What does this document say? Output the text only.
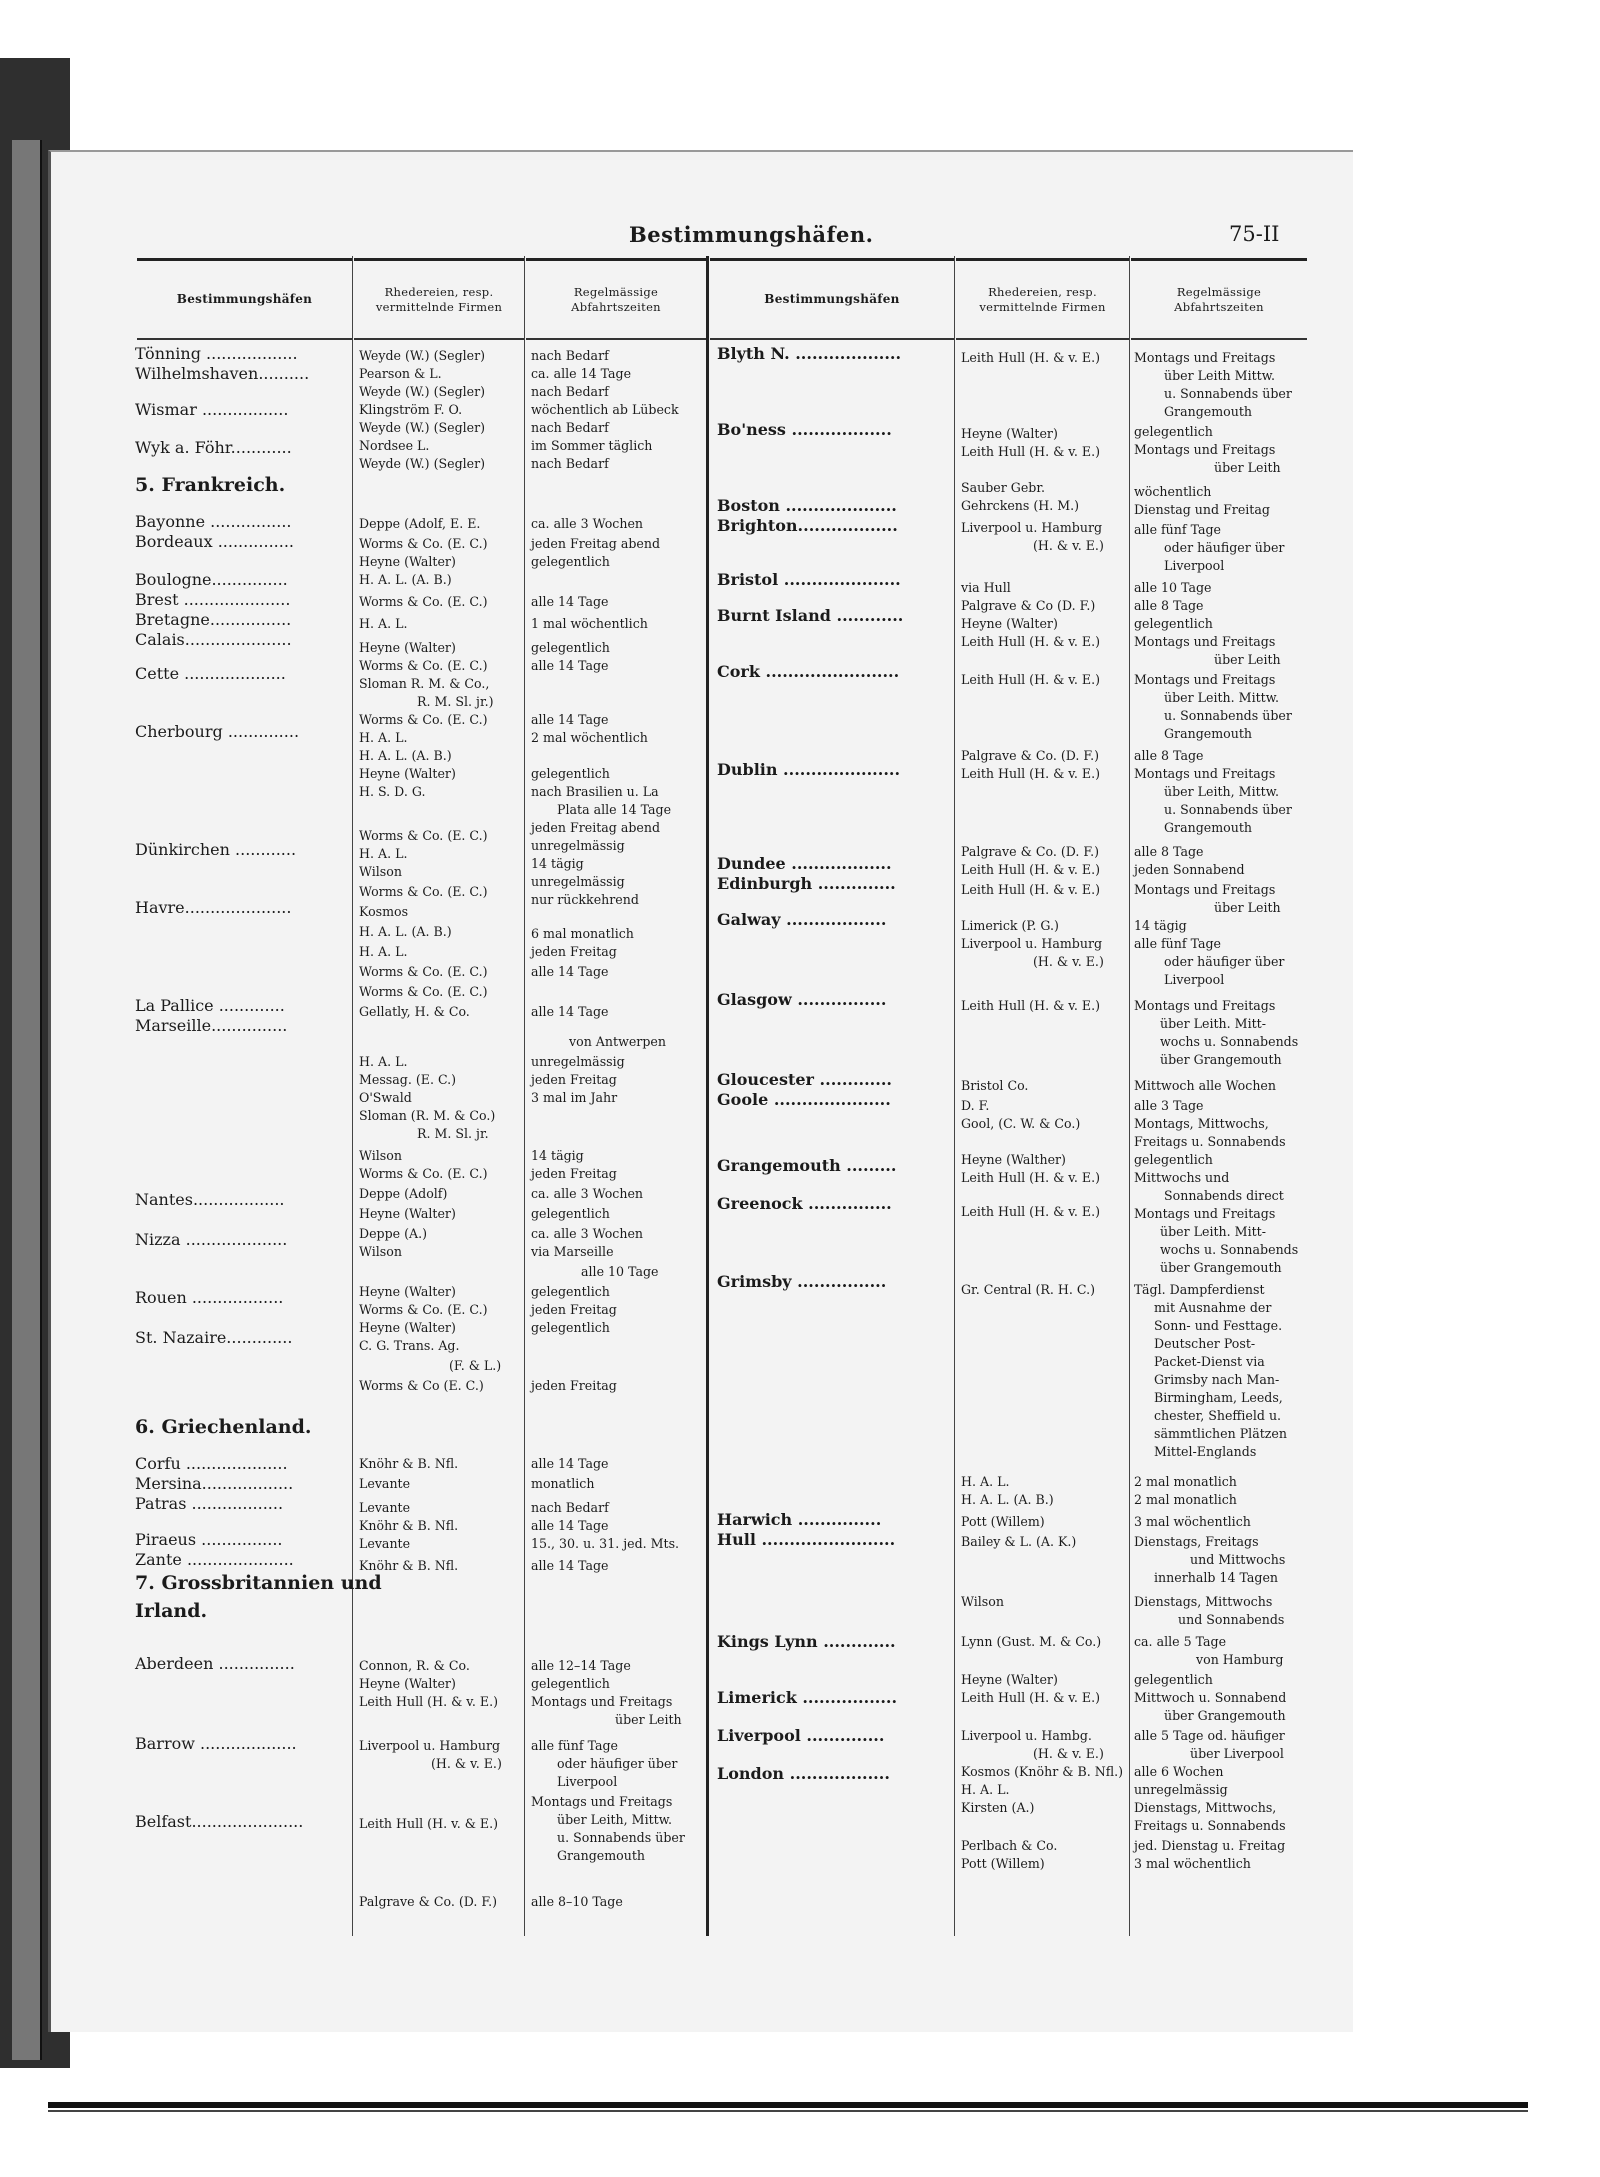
Bestimmungshäfen.	75-II
Bestimmungshäfen
Rhedereien, resp. vermittelnde Firmen
Regelmässige Abfahrtszeiten
Bestimmungshäfen
Rhedereien, resp. vermittelnde Firmen
Regelmässige Abfahrtszeiten
Tönning ..................
Wilhelmshaven..........
Wismar .................
Wyk a. Föhr............
Bayonne ................
Bordeaux ...............
Boulogne...............
Brest .....................
Bretagne................
Calais.....................
Cette ....................
Cherbourg ..............
Dünkirchen ............
Havre.....................
La Pallice .............
Marseille...............
Nantes..................
Nizza ....................
Rouen ..................
St. Nazaire.............
Corfu ....................
Mersina..................
Patras ..................
Piraeus ................
Zante .....................
Aberdeen ...............
Barrow ...................
Belfast......................
5. Frankreich.
6. Griechenland.
7. Grossbritannien und
Irland.
Weyde (W.) (Segler)
Pearson & L.
Weyde (W.) (Segler)
Klingström F. O.
Weyde (W.) (Segler)
Nordsee L.
Weyde (W.) (Segler)
Deppe (Adolf, E. E.
Worms & Co. (E. C.)
Heyne (Walter)
H. A. L. (A. B.)
Worms & Co. (E. C.)
H. A. L.
Heyne (Walter)
Worms & Co. (E. C.)
Sloman R. M. & Co.,
R. M. Sl. jr.)
Worms & Co. (E. C.)
H. A. L.
H. A. L. (A. B.)
Heyne (Walter)
H. S. D. G.
Worms & Co. (E. C.)
H. A. L.
Wilson
Worms & Co. (E. C.)
Kosmos
H. A. L. (A. B.)
H. A. L.
Worms & Co. (E. C.)
Worms & Co. (E. C.)
Gellatly, H. & Co.
H. A. L.
Messag. (E. C.)
O'Swald
Sloman (R. M. & Co.)
R. M. Sl. jr.
Wilson
Worms & Co. (E. C.)
Deppe (Adolf)
Heyne (Walter)
Deppe (A.)
Wilson
Heyne (Walter)
Worms & Co. (E. C.)
Heyne (Walter)
C. G. Trans. Ag.
(F. & L.)
Worms & Co (E. C.)
Knöhr & B. Nfl.
Levante
Levante
Knöhr & B. Nfl.
Levante
Knöhr & B. Nfl.
Connon, R. & Co.
Heyne (Walter)
Leith Hull (H. & v. E.)
Liverpool u. Hamburg
(H. & v. E.)
Leith Hull (H. v. & E.)
Palgrave & Co. (D. F.)
nach Bedarf
ca. alle 14 Tage
nach Bedarf
wöchentlich ab Lübeck
nach Bedarf
im Sommer täglich
nach Bedarf
ca. alle 3 Wochen
jeden Freitag abend
gelegentlich
alle 14 Tage
1 mal wöchentlich
gelegentlich
alle 14 Tage
alle 14 Tage
2 mal wöchentlich
gelegentlich
nach Brasilien u. La
Plata alle 14 Tage
jeden Freitag abend
unregelmässig
14 tägig
unregelmässig
nur rückkehrend
6 mal monatlich
jeden Freitag
alle 14 Tage
alle 14 Tage
von Antwerpen
unregelmässig
jeden Freitag
3 mal im Jahr
14 tägig
jeden Freitag
ca. alle 3 Wochen
gelegentlich
ca. alle 3 Wochen
via Marseille
alle 10 Tage
gelegentlich
jeden Freitag
gelegentlich
jeden Freitag
alle 14 Tage
monatlich
nach Bedarf
alle 14 Tage
15., 30. u. 31. jed. Mts.
alle 14 Tage
alle 12–14 Tage
gelegentlich
Montags und Freitags
über Leith
alle fünf Tage
oder häufiger über
Liverpool
Montags und Freitags
über Leith, Mittw.
u. Sonnabends über
Grangemouth
alle 8–10 Tage
Blyth N. ...................
Bo'ness ..................
Boston ....................
Brighton..................
Bristol .....................
Burnt Island ............
Cork ........................
Dublin .....................
Dundee ..................
Edinburgh ..............
Galway ..................
Glasgow ................
Gloucester .............
Goole .....................
Grangemouth .........
Greenock ...............
Grimsby ................
Harwich ...............
Hull ........................
Kings Lynn .............
Limerick .................
Liverpool ..............
London ..................
Leith Hull (H. & v. E.)
Heyne (Walter)
Leith Hull (H. & v. E.)
Sauber Gebr.
Gehrckens (H. M.)
Liverpool u. Hamburg
(H. & v. E.)
via Hull
Palgrave & Co (D. F.)
Heyne (Walter)
Leith Hull (H. & v. E.)
Leith Hull (H. & v. E.)
Palgrave & Co. (D. F.)
Leith Hull (H. & v. E.)
Palgrave & Co. (D. F.)
Leith Hull (H. & v. E.)
Leith Hull (H. & v. E.)
Limerick (P. G.)
Liverpool u. Hamburg
(H. & v. E.)
Leith Hull (H. & v. E.)
Bristol Co.
D. F.
Gool, (C. W. & Co.)
Heyne (Walther)
Leith Hull (H. & v. E.)
Leith Hull (H. & v. E.)
Gr. Central (R. H. C.)
H. A. L.
H. A. L. (A. B.)
Pott (Willem)
Bailey & L. (A. K.)
Wilson
Lynn (Gust. M. & Co.)
Heyne (Walter)
Leith Hull (H. & v. E.)
Liverpool u. Hambg.
(H. & v. E.)
Kosmos (Knöhr & B. Nfl.)
H. A. L.
Kirsten (A.)
Perlbach & Co.
Pott (Willem)
Montags und Freitags
über Leith Mittw.
u. Sonnabends über
Grangemouth
gelegentlich
Montags und Freitags
über Leith
wöchentlich
Dienstag und Freitag
alle fünf Tage
oder häufiger über
Liverpool
alle 10 Tage
alle 8 Tage
gelegentlich
Montags und Freitags
über Leith
Montags und Freitags
über Leith. Mittw.
u. Sonnabends über
Grangemouth
alle 8 Tage
Montags und Freitags
über Leith, Mittw.
u. Sonnabends über
Grangemouth
alle 8 Tage
jeden Sonnabend
Montags und Freitags
über Leith
14 tägig
alle fünf Tage
oder häufiger über
Liverpool
Montags und Freitags
über Leith. Mitt-
wochs u. Sonnabends
über Grangemouth
Mittwoch alle Wochen
alle 3 Tage
Montags, Mittwochs,
Freitags u. Sonnabends
gelegentlich
Mittwochs und
Sonnabends direct
Montags und Freitags
über Leith. Mitt-
wochs u. Sonnabends
über Grangemouth
Tägl. Dampferdienst
mit Ausnahme der
Sonn- und Festtage.
Deutscher Post-
Packet-Dienst via
Grimsby nach Man-
Birmingham, Leeds,
chester, Sheffield u.
sämmtlichen Plätzen
Mittel-Englands
2 mal monatlich
2 mal monatlich
3 mal wöchentlich
Dienstags, Freitags
und Mittwochs
innerhalb 14 Tagen
Dienstags, Mittwochs
und Sonnabends
ca. alle 5 Tage
von Hamburg
gelegentlich
Mittwoch u. Sonnabend
über Grangemouth
alle 5 Tage od. häufiger
über Liverpool
alle 6 Wochen
unregelmässig
Dienstags, Mittwochs,
Freitags u. Sonnabends
jed. Dienstag u. Freitag
3 mal wöchentlich
